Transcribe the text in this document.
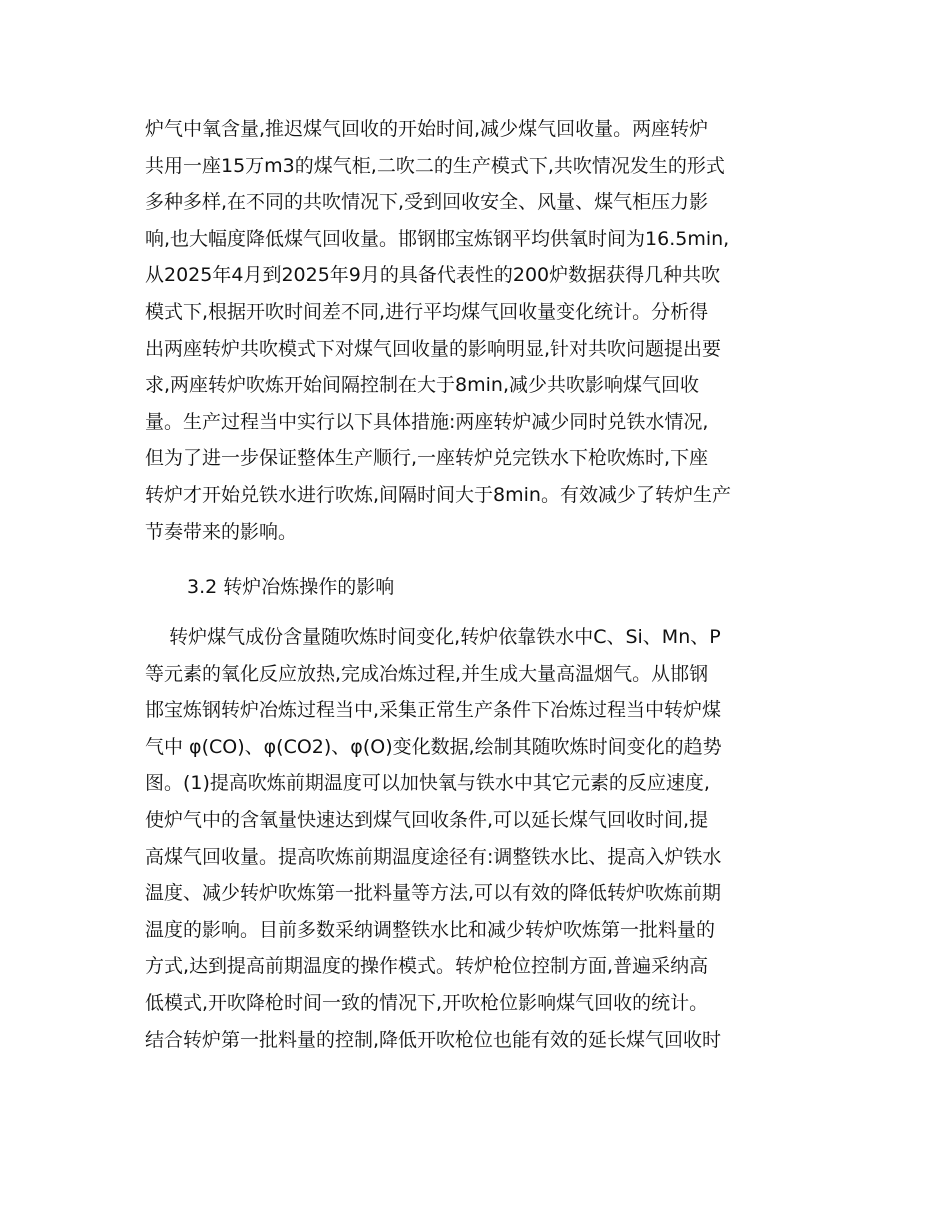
炉气中氧含量,推迟煤气回收的开始时间,减少煤气回收量。两座转炉
共用一座15万m3的煤气柜,二吹二的生产模式下,共吹情况发生的形式
多种多样,在不同的共吹情况下,受到回收安全、风量、煤气柜压力影
响,也大幅度降低煤气回收量。邯钢邯宝炼钢平均供氧时间为16.5min,
从2025年4月到2025年9月的具备代表性的200炉数据获得几种共吹
模式下,根据开吹时间差不同,进行平均煤气回收量变化统计。分析得
出两座转炉共吹模式下对煤气回收量的影响明显,针对共吹问题提出要
求,两座转炉吹炼开始间隔控制在大于8min,减少共吹影响煤气回收
量。生产过程当中实行以下具体措施:两座转炉减少同时兑铁水情况,
但为了进一步保证整体生产顺行,一座转炉兑完铁水下枪吹炼时,下座
转炉才开始兑铁水进行吹炼,间隔时间大于8min。有效减少了转炉生产
节奏带来的影响。
3.2 转炉冶炼操作的影响
转炉煤气成份含量随吹炼时间变化,转炉依靠铁水中C、Si、Mn、P
等元素的氧化反应放热,完成冶炼过程,并生成大量高温烟气。从邯钢
邯宝炼钢转炉冶炼过程当中,采集正常生产条件下冶炼过程当中转炉煤
气中 φ(CO)、φ(CO2)、φ(O)变化数据,绘制其随吹炼时间变化的趋势
图。(1)提高吹炼前期温度可以加快氧与铁水中其它元素的反应速度,
使炉气中的含氧量快速达到煤气回收条件,可以延长煤气回收时间,提
高煤气回收量。提高吹炼前期温度途径有:调整铁水比、提高入炉铁水
温度、减少转炉吹炼第一批料量等方法,可以有效的降低转炉吹炼前期
温度的影响。目前多数采纳调整铁水比和减少转炉吹炼第一批料量的
方式,达到提高前期温度的操作模式。转炉枪位控制方面,普遍采纳高
低模式,开吹降枪时间一致的情况下,开吹枪位影响煤气回收的统计。
结合转炉第一批料量的控制,降低开吹枪位也能有效的延长煤气回收时
